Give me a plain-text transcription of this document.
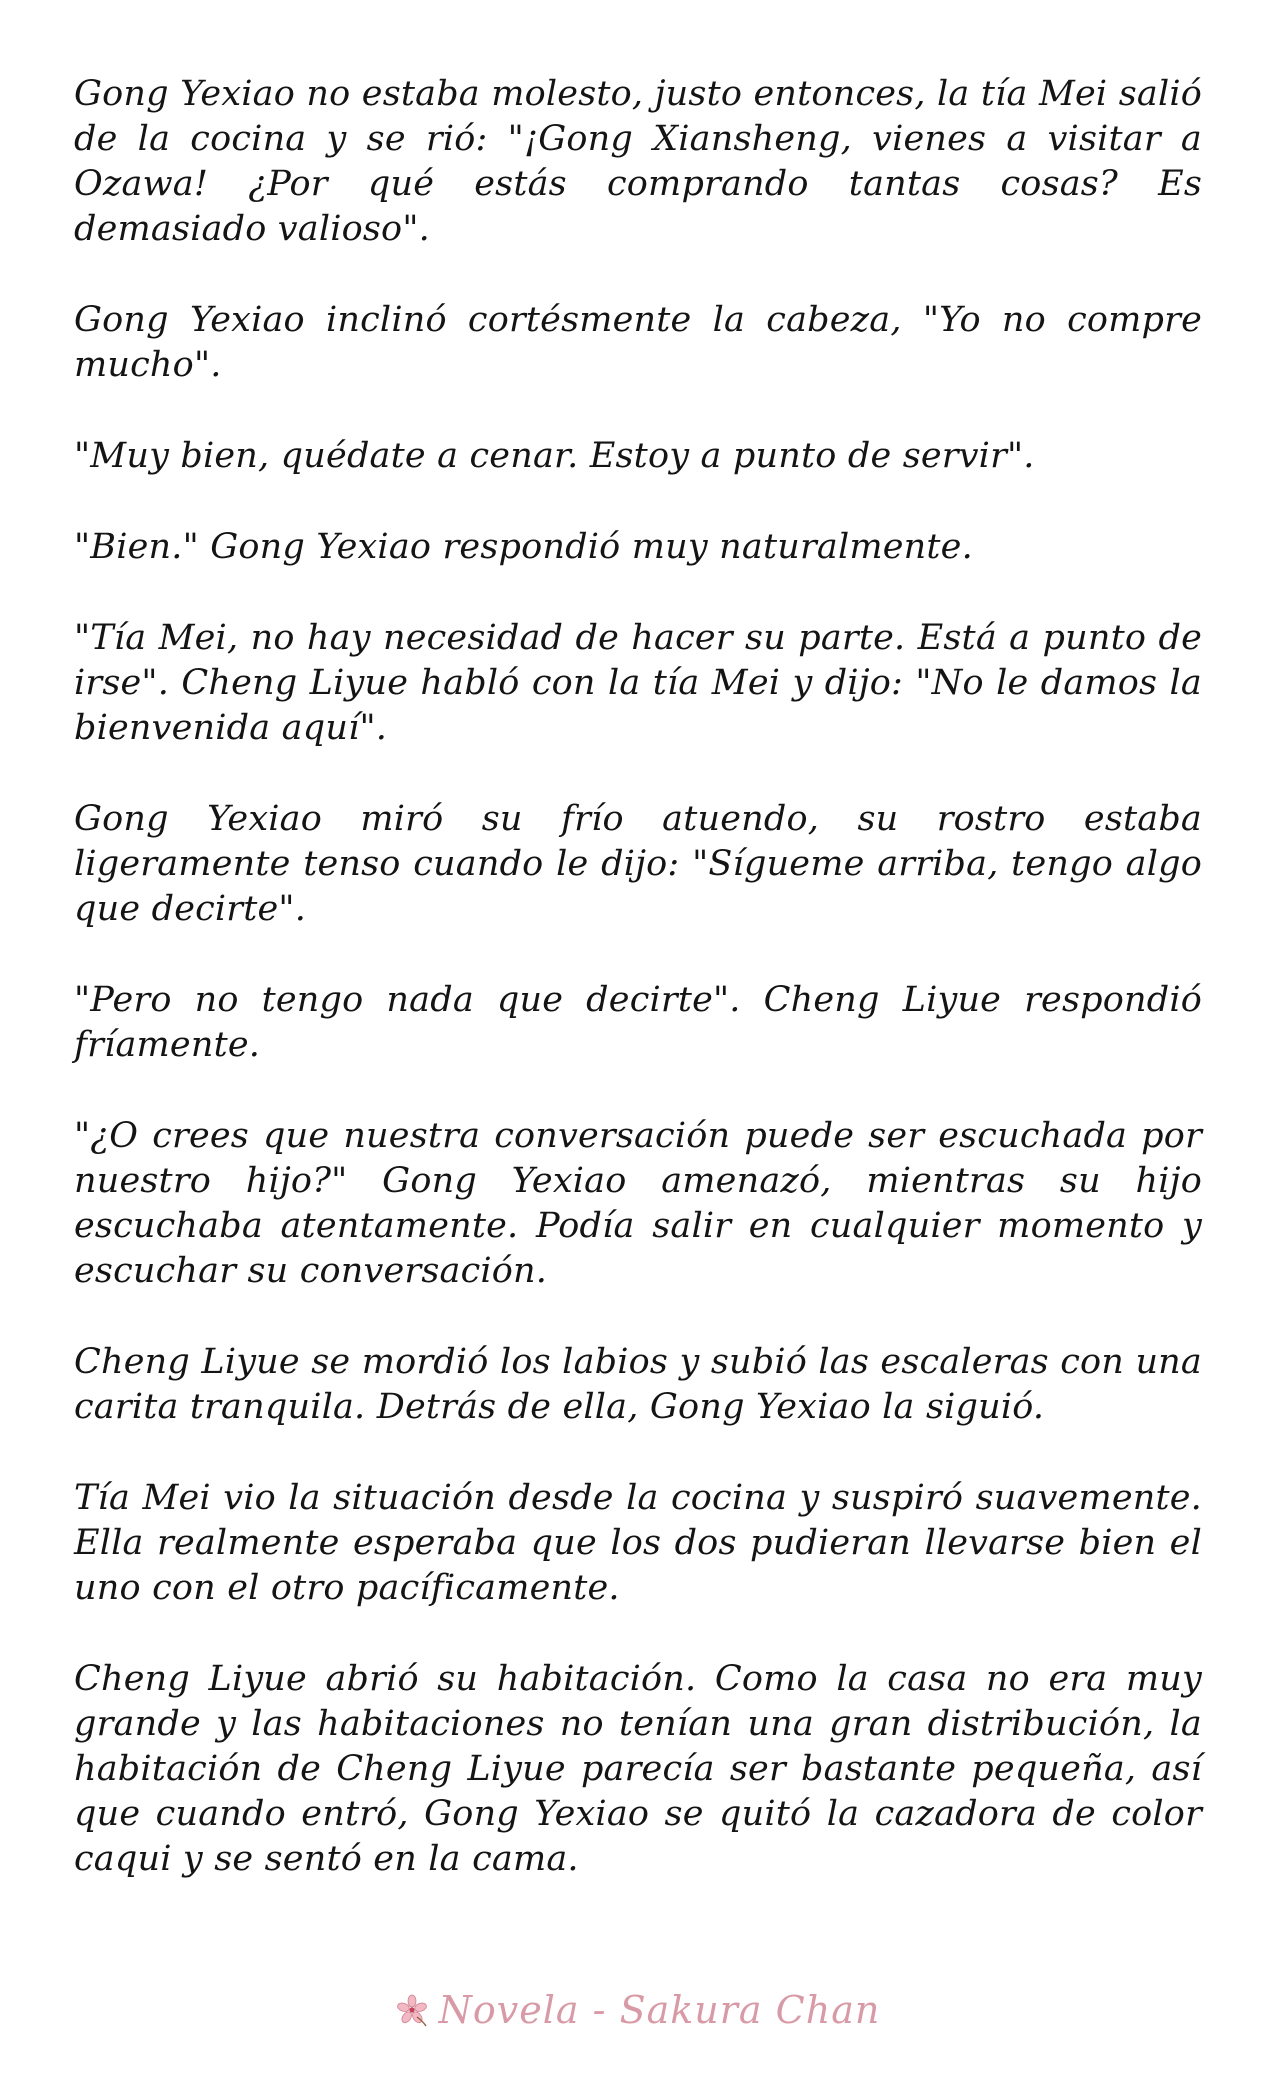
Gong Yexiao no estaba molesto, justo entonces, la tía Mei salió de la cocina y se rió: "¡Gong Xiansheng, vienes a visitar a Ozawa! ¿Por qué estás comprando tantas cosas? Es demasiado valioso".

Gong Yexiao inclinó cortésmente la cabeza, "Yo no compre mucho".

"Muy bien, quédate a cenar. Estoy a punto de servir".

"Bien." Gong Yexiao respondió muy naturalmente.

"Tía Mei, no hay necesidad de hacer su parte. Está a punto de irse". Cheng Liyue habló con la tía Mei y dijo: "No le damos la bienvenida aquí".

Gong Yexiao miró su frío atuendo, su rostro estaba ligeramente tenso cuando le dijo: "Sígueme arriba, tengo algo que decirte".

"Pero no tengo nada que decirte". Cheng Liyue respondió fríamente.

"¿O crees que nuestra conversación puede ser escuchada por nuestro hijo?" Gong Yexiao amenazó, mientras su hijo escuchaba atentamente. Podía salir en cualquier momento y escuchar su conversación.

Cheng Liyue se mordió los labios y subió las escaleras con una carita tranquila. Detrás de ella, Gong Yexiao la siguió.

Tía Mei vio la situación desde la cocina y suspiró suavemente. Ella realmente esperaba que los dos pudieran llevarse bien el uno con el otro pacíficamente.

Cheng Liyue abrió su habitación. Como la casa no era muy grande y las habitaciones no tenían una gran distribución, la habitación de Cheng Liyue parecía ser bastante pequeña, así que cuando entró, Gong Yexiao se quitó la cazadora de color caqui y se sentó en la cama.

Novela - Sakura Chan
